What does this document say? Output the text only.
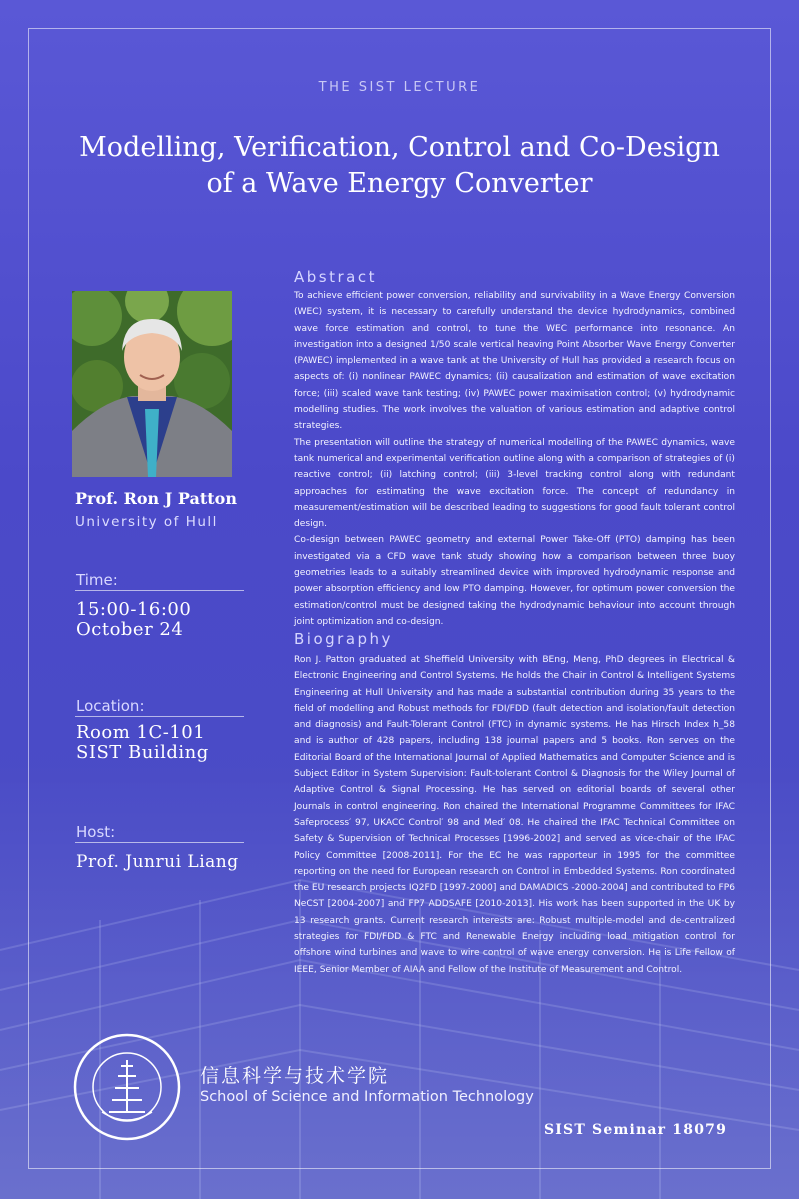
THE SIST LECTURE
Modelling, Verification, Control and Co-Design
of a Wave Energy Converter
Prof. Ron J Patton
University of Hull
Time:
15:00-16:00
October 24
Location:
Room 1C-101
SIST Building
Host:
Prof. Junrui Liang
Abstract
To achieve efficient power conversion, reliability and survivability in a Wave Energy Conversion (WEC) system, it is necessary to carefully understand the device hydrodynamics, combined wave force estimation and control, to tune the WEC performance into resonance. An investigation into a designed 1/50 scale vertical heaving Point Absorber Wave Energy Converter (PAWEC) implemented in a wave tank at the University of Hull has provided a research focus on aspects of: (i) nonlinear PAWEC dynamics; (ii) causalization and estimation of wave excitation force; (iii) scaled wave tank testing; (iv) PAWEC power maximisation control; (v) hydrodynamic modelling studies. The work involves the valuation of various estimation and adaptive control strategies.
The presentation will outline the strategy of numerical modelling of the PAWEC dynamics, wave tank numerical and experimental verification outline along with a comparison of strategies of (i) reactive control; (ii) latching control; (iii) 3-level tracking control along with redundant approaches for estimating the wave excitation force. The concept of redundancy in measurement/estimation will be described leading to suggestions for good fault tolerant control design.
Co-design between PAWEC geometry and external Power Take-Off (PTO) damping has been investigated via a CFD wave tank study showing how a comparison between three buoy geometries leads to a suitably streamlined device with improved hydrodynamic response and power absorption efficiency and low PTO damping. However, for optimum power conversion the estimation/control must be designed taking the hydrodynamic behaviour into account through joint optimization and co-design.
Biography
Ron J. Patton graduated at Sheffield University with BEng, Meng, PhD degrees in Electrical & Electronic Engineering and Control Systems. He holds the Chair in Control & Intelligent Systems Engineering at Hull University and has made a substantial contribution during 35 years to the field of modelling and Robust methods for FDI/FDD (fault detection and isolation/fault detection and diagnosis) and Fault-Tolerant Control (FTC) in dynamic systems. He has Hirsch Index h_58 and is author of 428 papers, including 138 journal papers and 5 books. Ron serves on the Editorial Board of the International Journal of Applied Mathematics and Computer Science and is Subject Editor in System Supervision: Fault-tolerant Control & Diagnosis for the Wiley Journal of Adaptive Control & Signal Processing. He has served on editorial boards of several other Journals in control engineering. Ron chaired the International Programme Committees for IFAC Safeprocess′ 97, UKACC Control′ 98 and Med′ 08. He chaired the IFAC Technical Committee on Safety & Supervision of Technical Processes [1996-2002] and served as vice-chair of the IFAC Policy Committee [2008-2011]. For the EC he was rapporteur in 1995 for the committee reporting on the need for European research on Control in Embedded Systems. Ron coordinated the EU research projects IQ2FD [1997-2000] and DAMADICS -2000-2004] and contributed to FP6 NeCST [2004-2007] and FP7 ADDSAFE [2010-2013]. His work has been supported in the UK by 13 research grants. Current research interests are: Robust multiple-model and de-centralized strategies for FDI/FDD & FTC and Renewable Energy including load mitigation control for offshore wind turbines and wave to wire control of wave energy conversion. He is Life Fellow of IEEE, Senior Member of AIAA and Fellow of the Institute of Measurement and Control.
信息科学与技术学院
School of Science and Information Technology
SIST Seminar 18079
